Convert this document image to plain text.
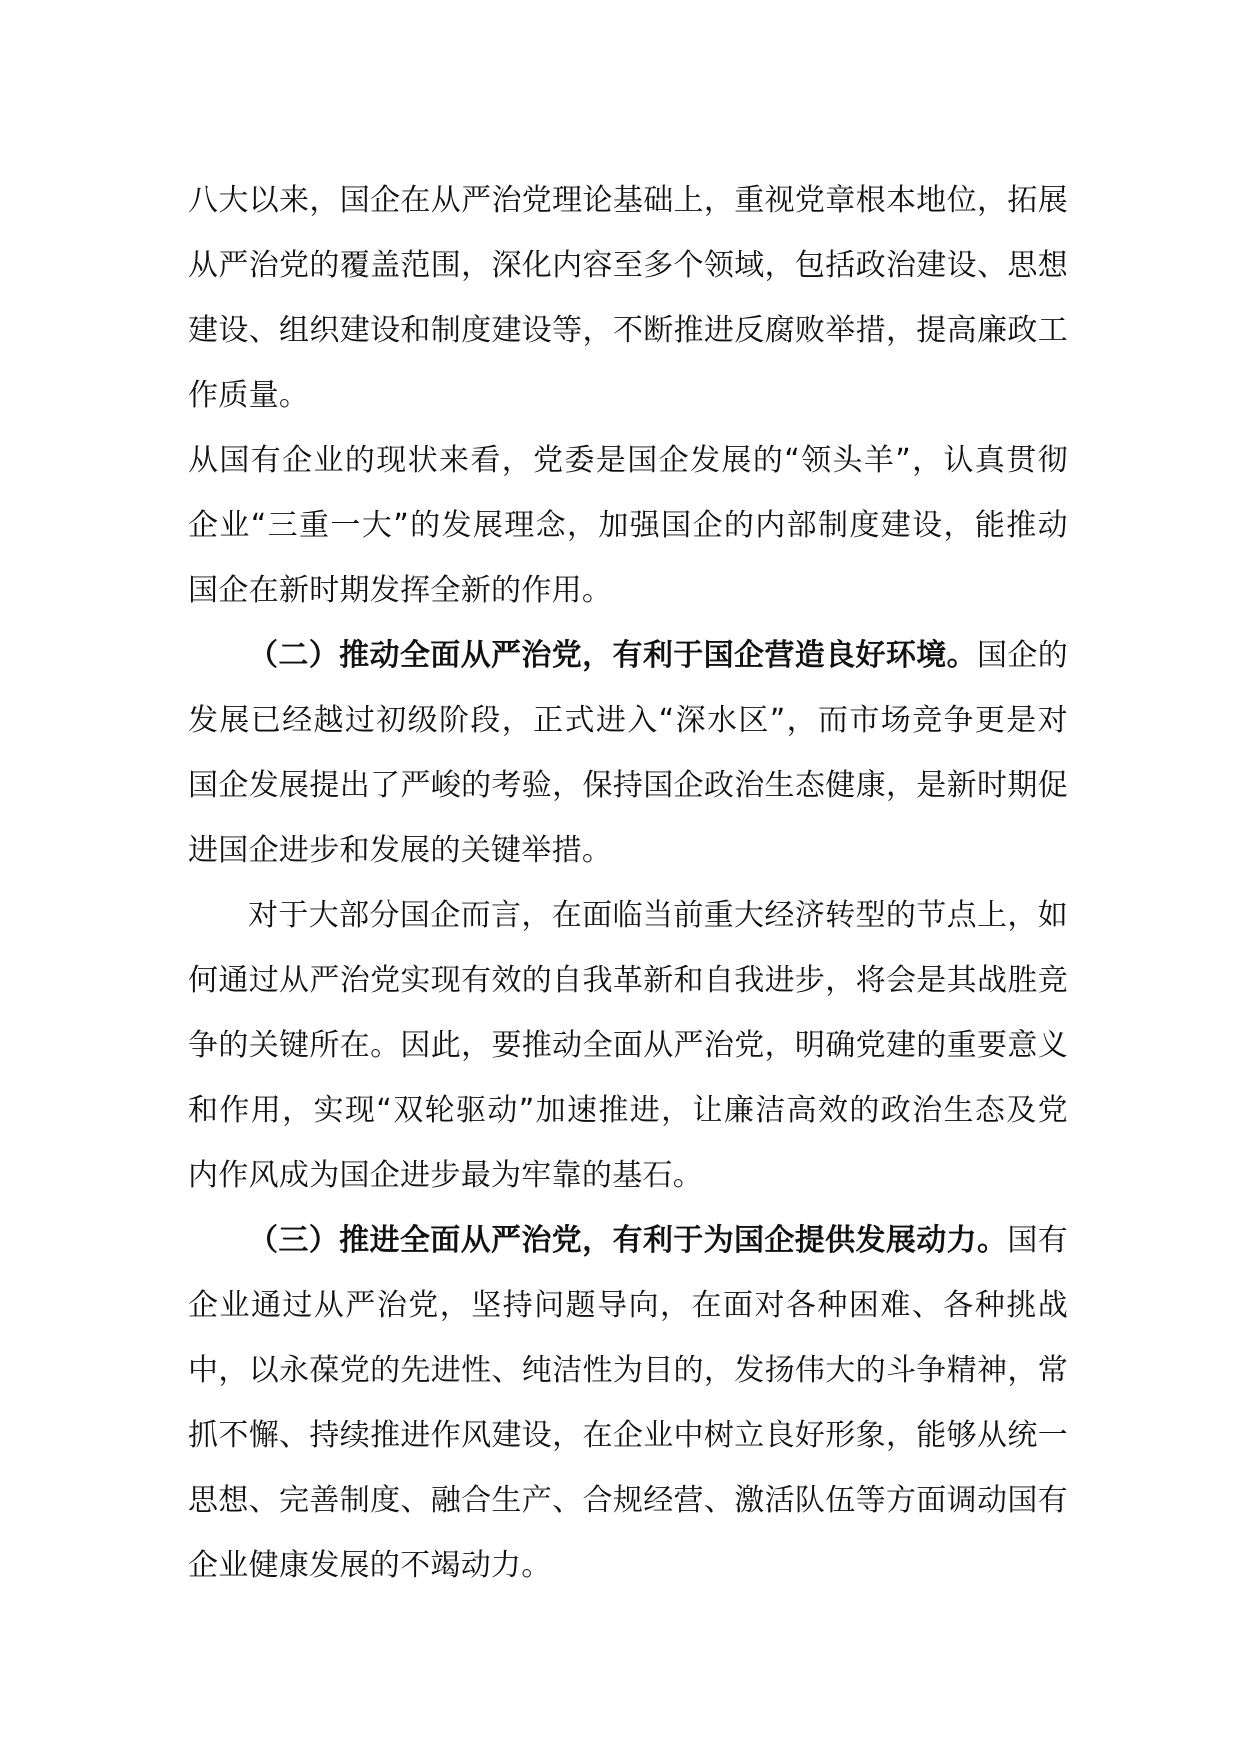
八大以来，国企在从严治党理论基础上，重视党章根本地位，拓展从严治党的覆盖范围，深化内容至多个领域，包括政治建设、思想建设、组织建设和制度建设等，不断推进反腐败举措，提高廉政工作质量。

从国有企业的现状来看，党委是国企发展的“领头羊”，认真贯彻企业“三重一大”的发展理念，加强国企的内部制度建设，能推动国企在新时期发挥全新的作用。

（二）推动全面从严治党，有利于国企营造良好环境。国企的发展已经越过初级阶段，正式进入“深水区”，而市场竞争更是对国企发展提出了严峻的考验，保持国企政治生态健康，是新时期促进国企进步和发展的关键举措。

对于大部分国企而言，在面临当前重大经济转型的节点上，如何通过从严治党实现有效的自我革新和自我进步，将会是其战胜竞争的关键所在。因此，要推动全面从严治党，明确党建的重要意义和作用，实现“双轮驱动”加速推进，让廉洁高效的政治生态及党内作风成为国企进步最为牢靠的基石。

（三）推进全面从严治党，有利于为国企提供发展动力。国有企业通过从严治党，坚持问题导向，在面对各种困难、各种挑战中，以永葆党的先进性、纯洁性为目的，发扬伟大的斗争精神，常抓不懈、持续推进作风建设，在企业中树立良好形象，能够从统一思想、完善制度、融合生产、合规经营、激活队伍等方面调动国有企业健康发展的不竭动力。
